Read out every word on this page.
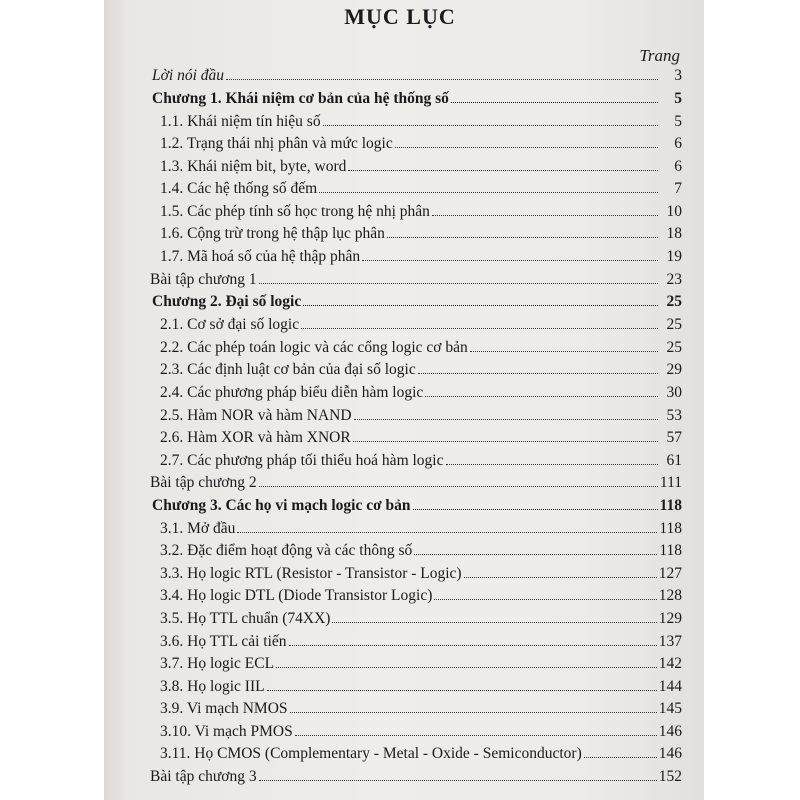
MỤC LỤC
Trang
Lời nói đầu	3
Chương 1. Khái niệm cơ bản của hệ thống số	5
1.1. Khái niệm tín hiệu số	5
1.2. Trạng thái nhị phân và mức logic	6
1.3. Khái niệm bit, byte, word	6
1.4. Các hệ thống số đếm	7
1.5. Các phép tính số học trong hệ nhị phân	10
1.6. Cộng trừ trong hệ thập lục phân	18
1.7. Mã hoá số của hệ thập phân	19
Bài tập chương 1	23
Chương 2. Đại số logic	25
2.1. Cơ sở đại số logic	25
2.2. Các phép toán logic và các cổng logic cơ bản	25
2.3. Các định luật cơ bản của đại số logic	29
2.4. Các phương pháp biểu diễn hàm logic	30
2.5. Hàm NOR và hàm NAND	53
2.6. Hàm XOR và hàm XNOR	57
2.7. Các phương pháp tối thiểu hoá hàm logic	61
Bài tập chương 2	111
Chương 3. Các họ vi mạch logic cơ bản	118
3.1. Mở đầu	118
3.2. Đặc điểm hoạt động và các thông số	118
3.3. Họ logic RTL (Resistor - Transistor - Logic)	127
3.4. Họ logic DTL (Diode Transistor Logic)	128
3.5. Họ TTL chuẩn (74XX)	129
3.6. Họ TTL cải tiến	137
3.7. Họ logic ECL	142
3.8. Họ logic IIL	144
3.9. Vi mạch NMOS	145
3.10. Vi mạch PMOS	146
3.11. Họ CMOS (Complementary - Metal - Oxide - Semiconductor)	146
Bài tập chương 3	152
